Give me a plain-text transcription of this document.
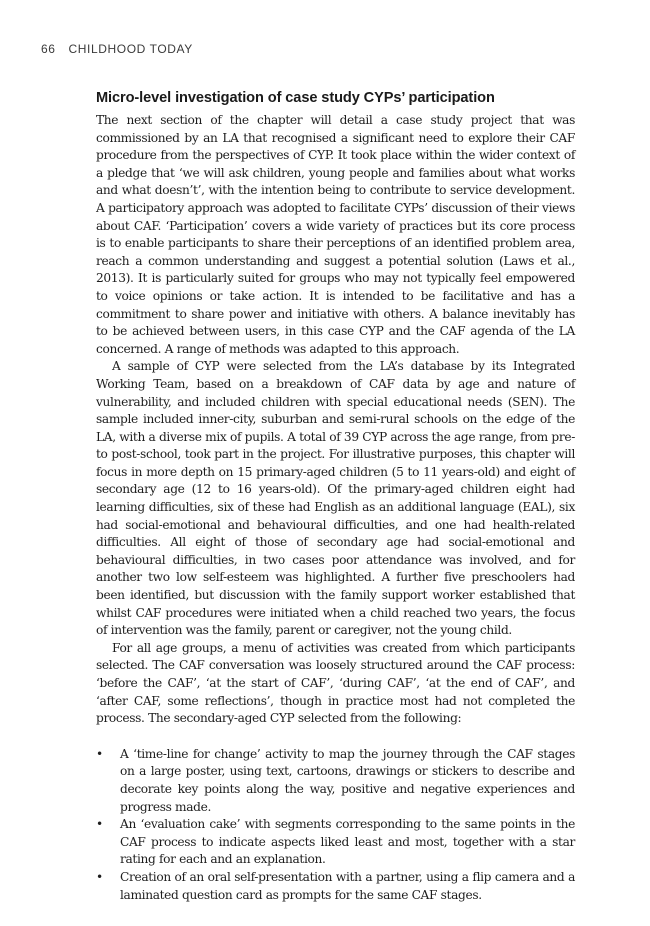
66 CHILDHOOD TODAY
Micro-level investigation of case study CYPs’ participation

The next section of the chapter will detail a case study project that was commissioned by an LA that recognised a significant need to explore their CAF procedure from the perspectives of CYP. It took place within the wider context of a pledge that ‘we will ask children, young people and families about what works and what doesn’t’, with the intention being to contribute to service development. A participatory approach was adopted to facilitate CYPs’ discussion of their views about CAF. ‘Participation’ covers a wide variety of practices but its core process is to enable participants to share their perceptions of an identified problem area, reach a common understanding and suggest a potential solution (Laws et al., 2013). It is particularly suited for groups who may not typically feel empowered to voice opinions or take action. It is intended to be facilitative and has a commitment to share power and initiative with others. A balance inevitably has to be achieved between users, in this case CYP and the CAF agenda of the LA concerned. A range of methods was adapted to this approach.

A sample of CYP were selected from the LA’s database by its Integrated Working Team, based on a breakdown of CAF data by age and nature of vulnerability, and included children with special educational needs (SEN). The sample included inner-city, suburban and semi-rural schools on the edge of the LA, with a diverse mix of pupils. A total of 39 CYP across the age range, from pre- to post-school, took part in the project. For illustrative purposes, this chapter will focus in more depth on 15 primary-aged children (5 to 11 years-old) and eight of secondary age (12 to 16 years-old). Of the primary-aged children eight had learning difficulties, six of these had English as an additional language (EAL), six had social-emotional and behavioural difficulties, and one had health-related difficulties. All eight of those of secondary age had social-emotional and behavioural difficulties, in two cases poor attendance was involved, and for another two low self-esteem was highlighted. A further five preschoolers had been identified, but discussion with the family support worker established that whilst CAF procedures were initiated when a child reached two years, the focus of intervention was the family, parent or caregiver, not the young child.

For all age groups, a menu of activities was created from which participants selected. The CAF conversation was loosely structured around the CAF process: ‘before the CAF’, ‘at the start of CAF’, ‘during CAF’, ‘at the end of CAF’, and ‘after CAF, some reflections’, though in practice most had not completed the process. The secondary-aged CYP selected from the following:

•	A ‘time-line for change’ activity to map the journey through the CAF stages on a large poster, using text, cartoons, drawings or stickers to describe and decorate key points along the way, positive and negative experiences and progress made.
•	An ‘evaluation cake’ with segments corresponding to the same points in the CAF process to indicate aspects liked least and most, together with a star rating for each and an explanation.
•	Creation of an oral self-presentation with a partner, using a flip camera and a laminated question card as prompts for the same CAF stages.
